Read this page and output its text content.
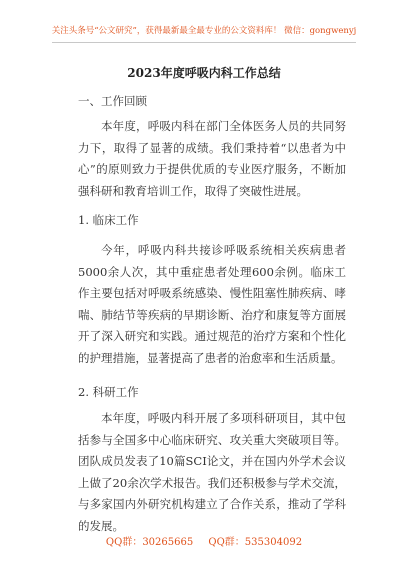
关注头条号“公文研究”，获得最新最全最专业的公文资料库！ 微信：gongwenyj
2023年度呼吸内科工作总结
一、工作回顾
本年度，呼吸内科在部门全体医务人员的共同努力下，取得了显著的成绩。我们秉持着“以患者为中心”的原则致力于提供优质的专业医疗服务，不断加强科研和教育培训工作，取得了突破性进展。
1. 临床工作
今年，呼吸内科共接诊呼吸系统相关疾病患者5000余人次，其中重症患者处理600余例。临床工作主要包括对呼吸系统感染、慢性阻塞性肺疾病、哮喘、肺结节等疾病的早期诊断、治疗和康复等方面展开了深入研究和实践。通过规范的治疗方案和个性化的护理措施，显著提高了患者的治愈率和生活质量。
2. 科研工作
本年度，呼吸内科开展了多项科研项目，其中包括参与全国多中心临床研究、攻关重大突破项目等。团队成员发表了10篇SCI论文，并在国内外学术会议上做了20余次学术报告。我们还积极参与学术交流，与多家国内外研究机构建立了合作关系，推动了学科的发展。
QQ群：30265665 QQ群：535304092
